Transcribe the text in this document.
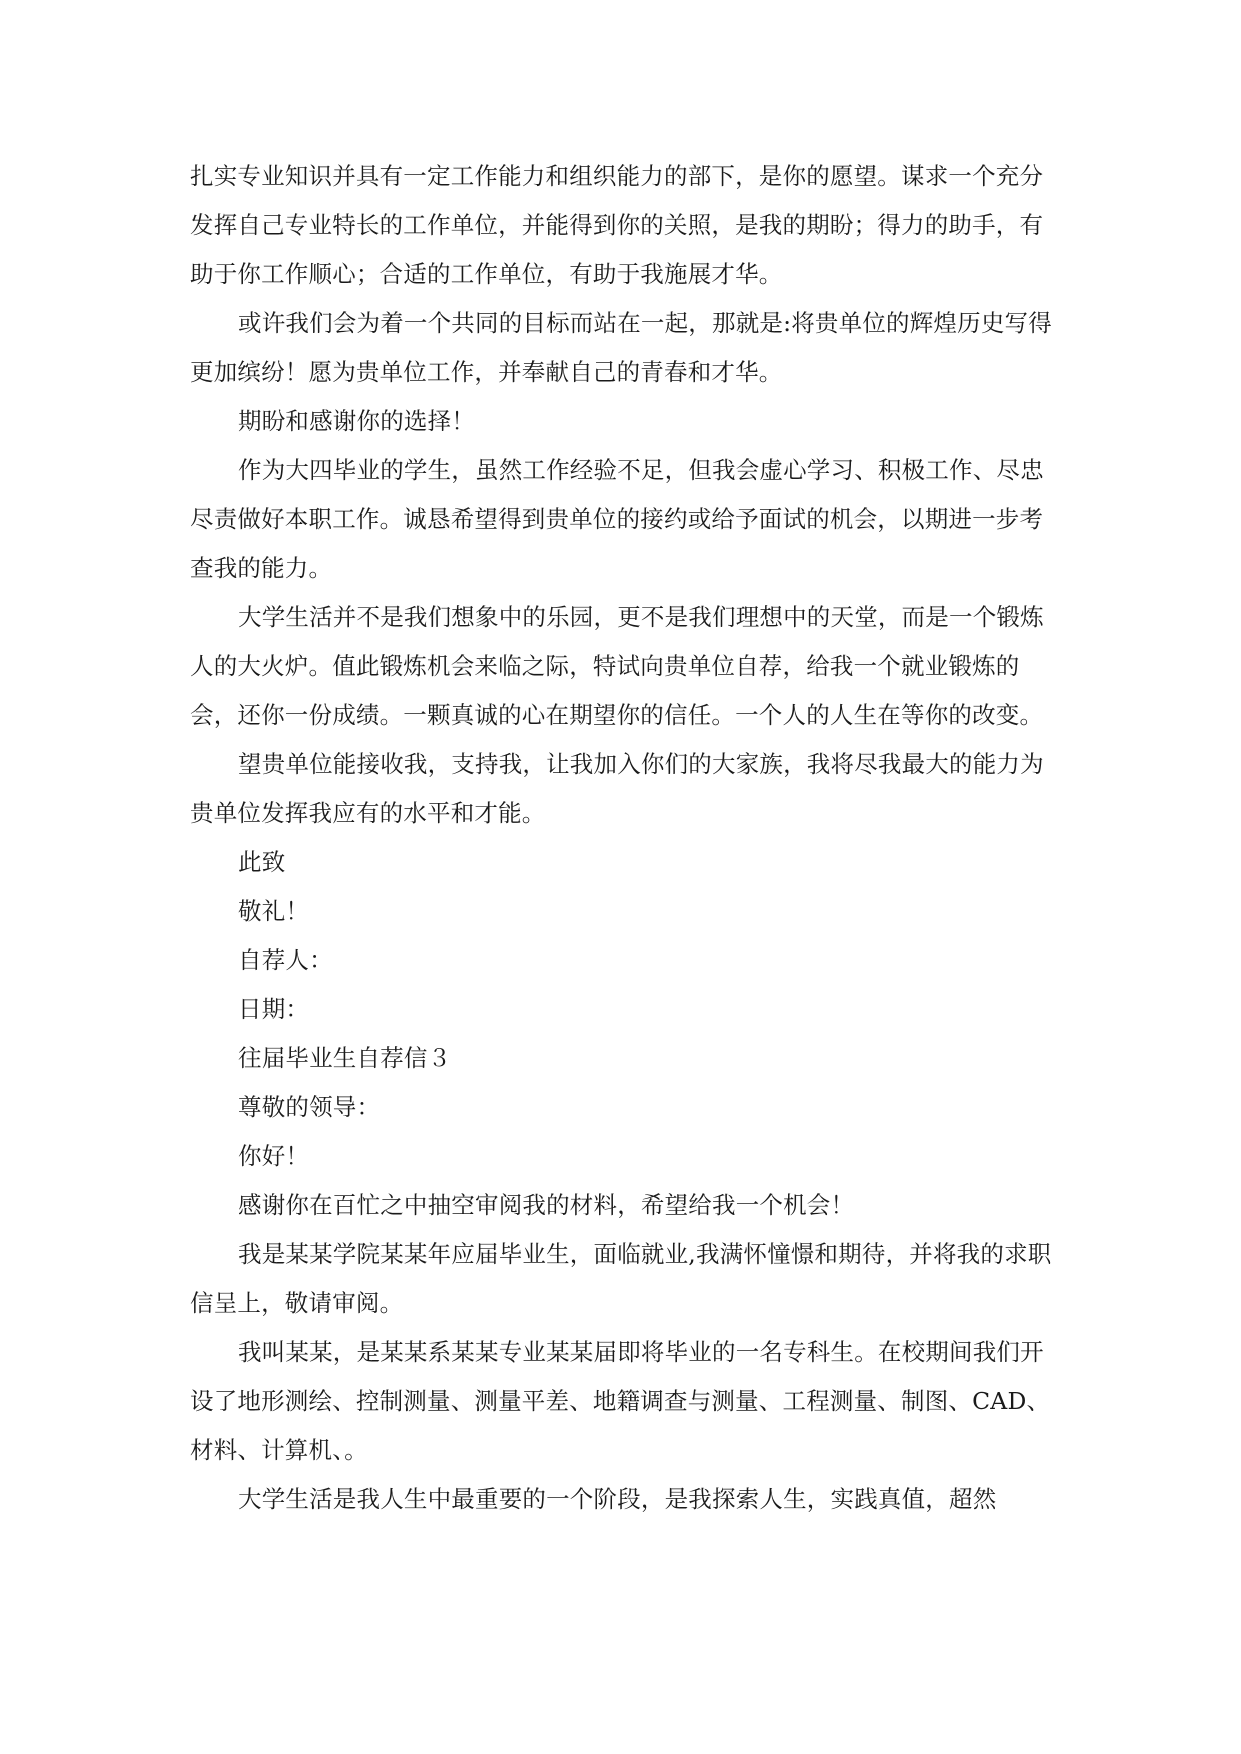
扎实专业知识并具有一定工作能力和组织能力的部下，是你的愿望。谋求一个充分发挥自己专业特长的工作单位，并能得到你的关照，是我的期盼；得力的助手，有助于你工作顺心；合适的工作单位，有助于我施展才华。

或许我们会为着一个共同的目标而站在一起，那就是:将贵单位的辉煌历史写得更加缤纷！愿为贵单位工作，并奉献自己的青春和才华。

期盼和感谢你的选择！

作为大四毕业的学生，虽然工作经验不足，但我会虚心学习、积极工作、尽忠尽责做好本职工作。诚恳希望得到贵单位的接约或给予面试的机会，以期进一步考查我的能力。

大学生活并不是我们想象中的乐园，更不是我们理想中的天堂，而是一个锻炼人的大火炉。值此锻炼机会来临之际，特试向贵单位自荐，给我一个就业锻炼的会，还你一份成绩。一颗真诚的心在期望你的信任。一个人的人生在等你的改变。

望贵单位能接收我，支持我，让我加入你们的大家族，我将尽我最大的能力为贵单位发挥我应有的水平和才能。

此致

敬礼！

自荐人：

日期：

往届毕业生自荐信３

尊敬的领导：

你好！

感谢你在百忙之中抽空审阅我的材料，希望给我一个机会！

我是某某学院某某年应届毕业生，面临就业,我满怀憧憬和期待，并将我的求职信呈上，敬请审阅。

我叫某某，是某某系某某专业某某届即将毕业的一名专科生。在校期间我们开设了地形测绘、控制测量、测量平差、地籍调查与测量、工程测量、制图、CAD、材料、计算机、。

大学生活是我人生中最重要的一个阶段，是我探索人生，实践真值，超然
